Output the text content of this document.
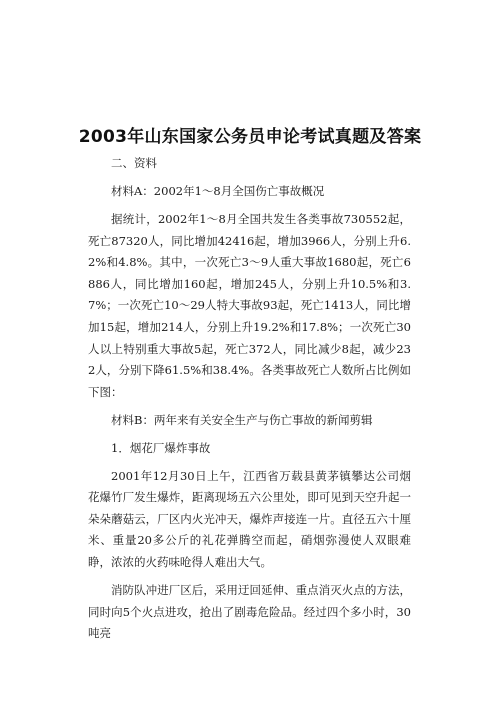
2003年山东国家公务员申论考试真题及答案

二、资料

材料A：2002年1～8月全国伤亡事故概况

据统计，2002年1～8月全国共发生各类事故730552起，死亡87320人，同比增加42416起，增加3966人，分别上升6.2%和4.8%。其中，一次死亡3～9人重大事故1680起，死亡6886人，同比增加160起，增加245人，分别上升10.5%和3.7%；一次死亡10～29人特大事故93起，死亡1413人，同比增加15起，增加214人，分别上升19.2%和17.8%；一次死亡30人以上特别重大事故5起，死亡372人，同比减少8起，减少232人，分别下降61.5%和38.4%。各类事故死亡人数所占比例如下图：

材料B：两年来有关安全生产与伤亡事故的新闻剪辑

1．烟花厂爆炸事故

2001年12月30日上午，江西省万载县黄茅镇攀达公司烟花爆竹厂发生爆炸，距离现场五六公里处，即可见到天空升起一朵朵蘑菇云，厂区内火光冲天，爆炸声接连一片。直径五六十厘米、重量20多公斤的礼花弹腾空而起，硝烟弥漫使人双眼难睁，浓浓的火药味呛得人难出大气。

消防队冲进厂区后，采用迂回延伸、重点消灭火点的方法，同时向5个火点进攻，抢出了剧毒危险品。经过四个多小时，30吨亮
